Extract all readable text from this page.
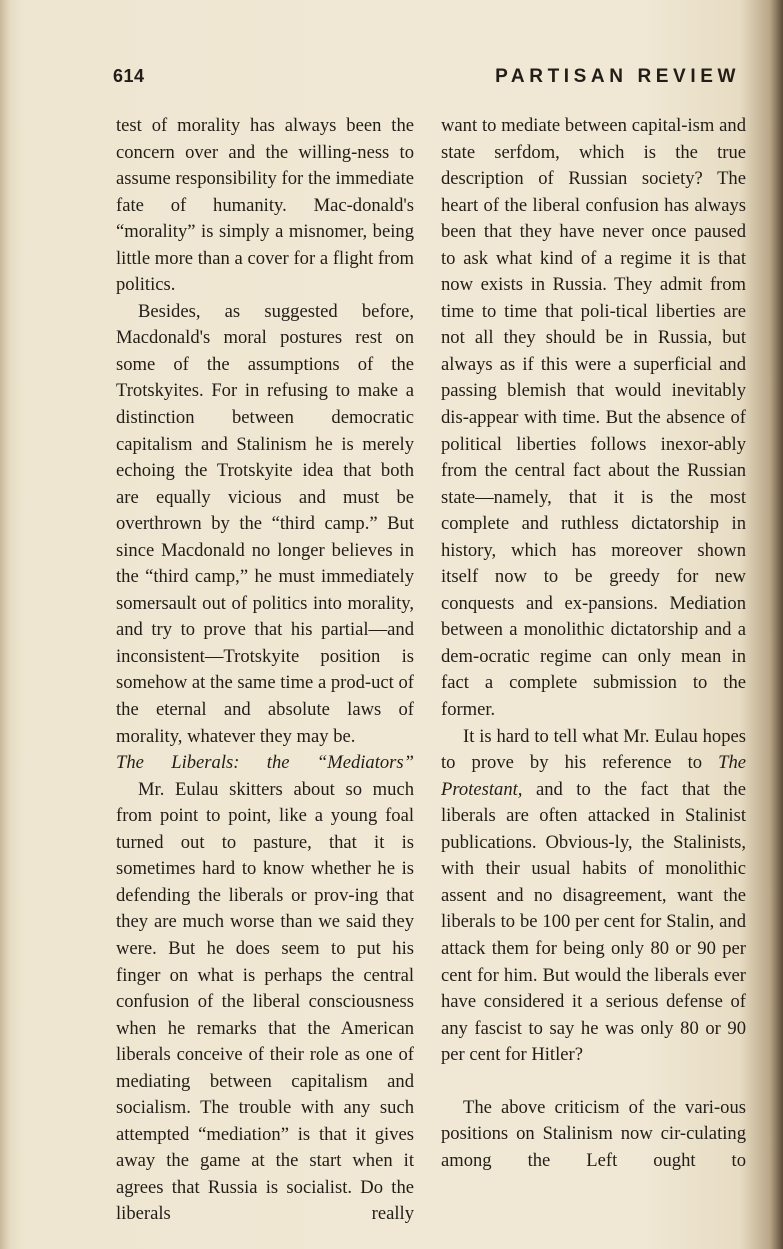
614	PARTISAN REVIEW

test of morality has always been the concern over and the willing-ness to assume responsibility for the immediate fate of humanity. Mac-donald's “morality” is simply a misnomer, being little more than a cover for a flight from politics.

Besides, as suggested before, Macdonald's moral postures rest on some of the assumptions of the Trotskyites. For in refusing to make a distinction between democratic capitalism and Stalinism he is merely echoing the Trotskyite idea that both are equally vicious and must be overthrown by the “third camp.” But since Macdonald no longer believes in the “third camp,” he must immediately somersault out of politics into morality, and try to prove that his partial—and inconsistent—Trotskyite position is somehow at the same time a prod-uct of the eternal and absolute laws of morality, whatever they may be.

The Liberals: the “Mediators”

Mr. Eulau skitters about so much from point to point, like a young foal turned out to pasture, that it is sometimes hard to know whether he is defending the liberals or prov-ing that they are much worse than we said they were. But he does seem to put his finger on what is perhaps the central confusion of the liberal consciousness when he remarks that the American liberals conceive of their role as one of mediating between capitalism and socialism. The trouble with any such attempted “mediation” is that it gives away the game at the start when it agrees that Russia is socialist. Do the liberals really

want to mediate between capital-ism and state serfdom, which is the true description of Russian society? The heart of the liberal confusion has always been that they have never once paused to ask what kind of a regime it is that now exists in Russia. They admit from time to time that poli-tical liberties are not all they should be in Russia, but always as if this were a superficial and passing blemish that would inevitably dis-appear with time. But the absence of political liberties follows inexor-ably from the central fact about the Russian state—namely, that it is the most complete and ruthless dictatorship in history, which has moreover shown itself now to be greedy for new conquests and ex-pansions. Mediation between a monolithic dictatorship and a dem-ocratic regime can only mean in fact a complete submission to the former.

It is hard to tell what Mr. Eulau hopes to prove by his reference to The Protestant, and to the fact that the liberals are often attacked in Stalinist publications. Obvious-ly, the Stalinists, with their usual habits of monolithic assent and no disagreement, want the liberals to be 100 per cent for Stalin, and attack them for being only 80 or 90 per cent for him. But would the liberals ever have considered it a serious defense of any fascist to say he was only 80 or 90 per cent for Hitler?

The above criticism of the vari-ous positions on Stalinism now cir-culating among the Left ought to
